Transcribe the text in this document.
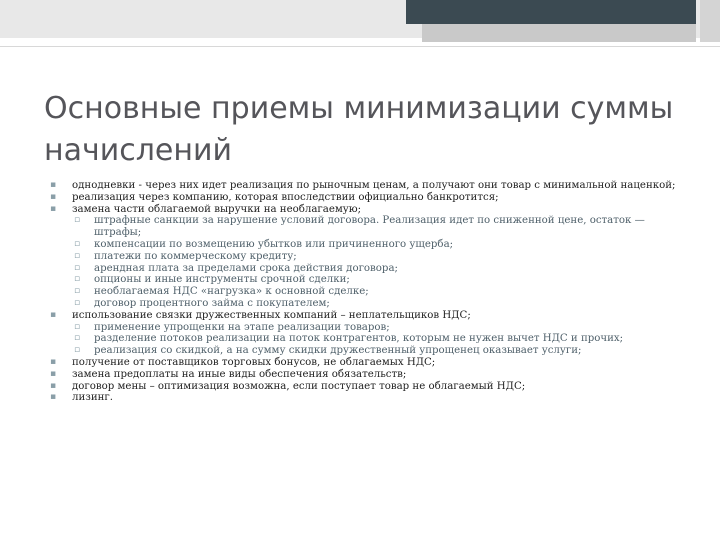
Основные приемы минимизации суммы начислений
▪ однодневки - через них идет реализация по рыночным ценам, а получают они товар с минимальной наценкой;
▪ реализация через компанию, которая впоследствии официально банкротится;
▪ замена части облагаемой выручки на необлагаемую;
▫ штрафные санкции за нарушение условий договора. Реализация идет по сниженной цене, остаток — штрафы;
▫ компенсации по возмещению убытков или причиненного ущерба;
▫ платежи по коммерческому кредиту;
▫ арендная плата за пределами срока действия договора;
▫ опционы и иные инструменты срочной сделки;
▫ необлагаемая НДС «нагрузка» к основной сделке;
▫ договор процентного займа с покупателем;
▪ использование связки дружественных компаний – неплательщиков НДС;
▫ применение упрощенки на этапе реализации товаров;
▫ разделение потоков реализации на поток контрагентов, которым не нужен вычет НДС и прочих;
▫ реализация со скидкой, а на сумму скидки дружественный упрощенец оказывает услуги;
▪ получение от поставщиков торговых бонусов, не облагаемых НДС;
▪ замена предоплаты на иные виды обеспечения обязательств;
▪ договор мены – оптимизация возможна, если поступает товар не облагаемый НДС;
▪ лизинг.
